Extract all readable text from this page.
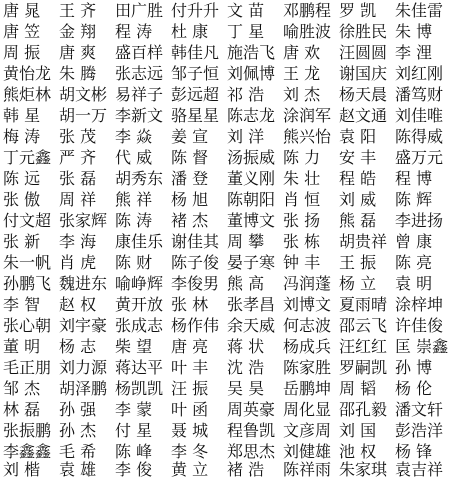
唐 晁	王 齐	田广胜 付升升 文 苗	邓鹏程 罗 凯	朱佳雷
唐 笠	金 翔	程 涛	杜 康	丁 星	喻胜波 徐胜民 朱 博
周 振	唐 爽	盛百样 韩佳凡 施浩飞 唐 欢	汪圆圆 李 浬
黄怡龙 朱 腾	张志远 邹子恒 刘佩博 王 龙	谢国庆 刘红刚
熊炬林 胡文彬 易祥子 彭远超 祁 浩	刘 杰	杨天晨 潘笃财
韩 星	胡一万 李新文 骆星星 陈志龙 涂润军 赵文通 刘佳唯
梅 涛	张 茂	李 焱	姜 宣	刘 洋	熊兴怡 袁 阳	陈得威
丁元鑫 严 齐	代 威	陈 督	汤振威 陈 力	安 丰	盛万元
陈 远	张 磊	胡秀东 潘 登	董义刚 朱 壮	程 皓	程 博
张 傲	周 祥	熊 祥	杨 旭	陈朝阳 肖 恒	刘 威	陈 辉
付文超 张家辉 陈 涛	褚 杰	董博文 张 扬	熊 磊	李进扬
张 新	李 海	康佳乐 谢佳其 周 攀	张 栋	胡贵祥 曾 康
朱一帆 肖 虎	陈 财	陈子俊 晏子寒 钟 丰	王 振	陈 亮
孙鹏飞 魏进东 喻峥辉 李俊男 熊 高	冯润蓬 杨 立	袁 明
李 智	赵 权	黄开放 张 林	张孝昌 刘博文 夏雨晴 涂梓坤
张心朝 刘宇豪 张成志 杨作伟 余天威 何志波 邵云飞 许佳俊
董 明	杨 志	柴 望	唐 亮	蒋 状	杨成兵 汪红红 匡 崇鑫
毛正朋 刘力源 蒋达平 叶 丰	沈 浩	陈家胜 罗嗣凯 孙 博
邹 杰	胡泽鹏 杨凯凯 汪 振	吴 昊	岳鹏坤 周 韬	杨 伦
林 磊	孙 强	李 蒙	叶 函	周英豪 周化显 邵孔毅 潘文轩
张振鹏 孙 杰	付 星	聂 城	程鲁凯 文彦周 刘 国	彭浩洋
李鑫鑫 毛 希	陈 峰	李 冬	郑思杰 刘健雄 池 权	杨 锋
刘 楷	袁 雄	李 俊	黄 立	褚 浩	陈祥雨 朱家琪 袁吉祥
